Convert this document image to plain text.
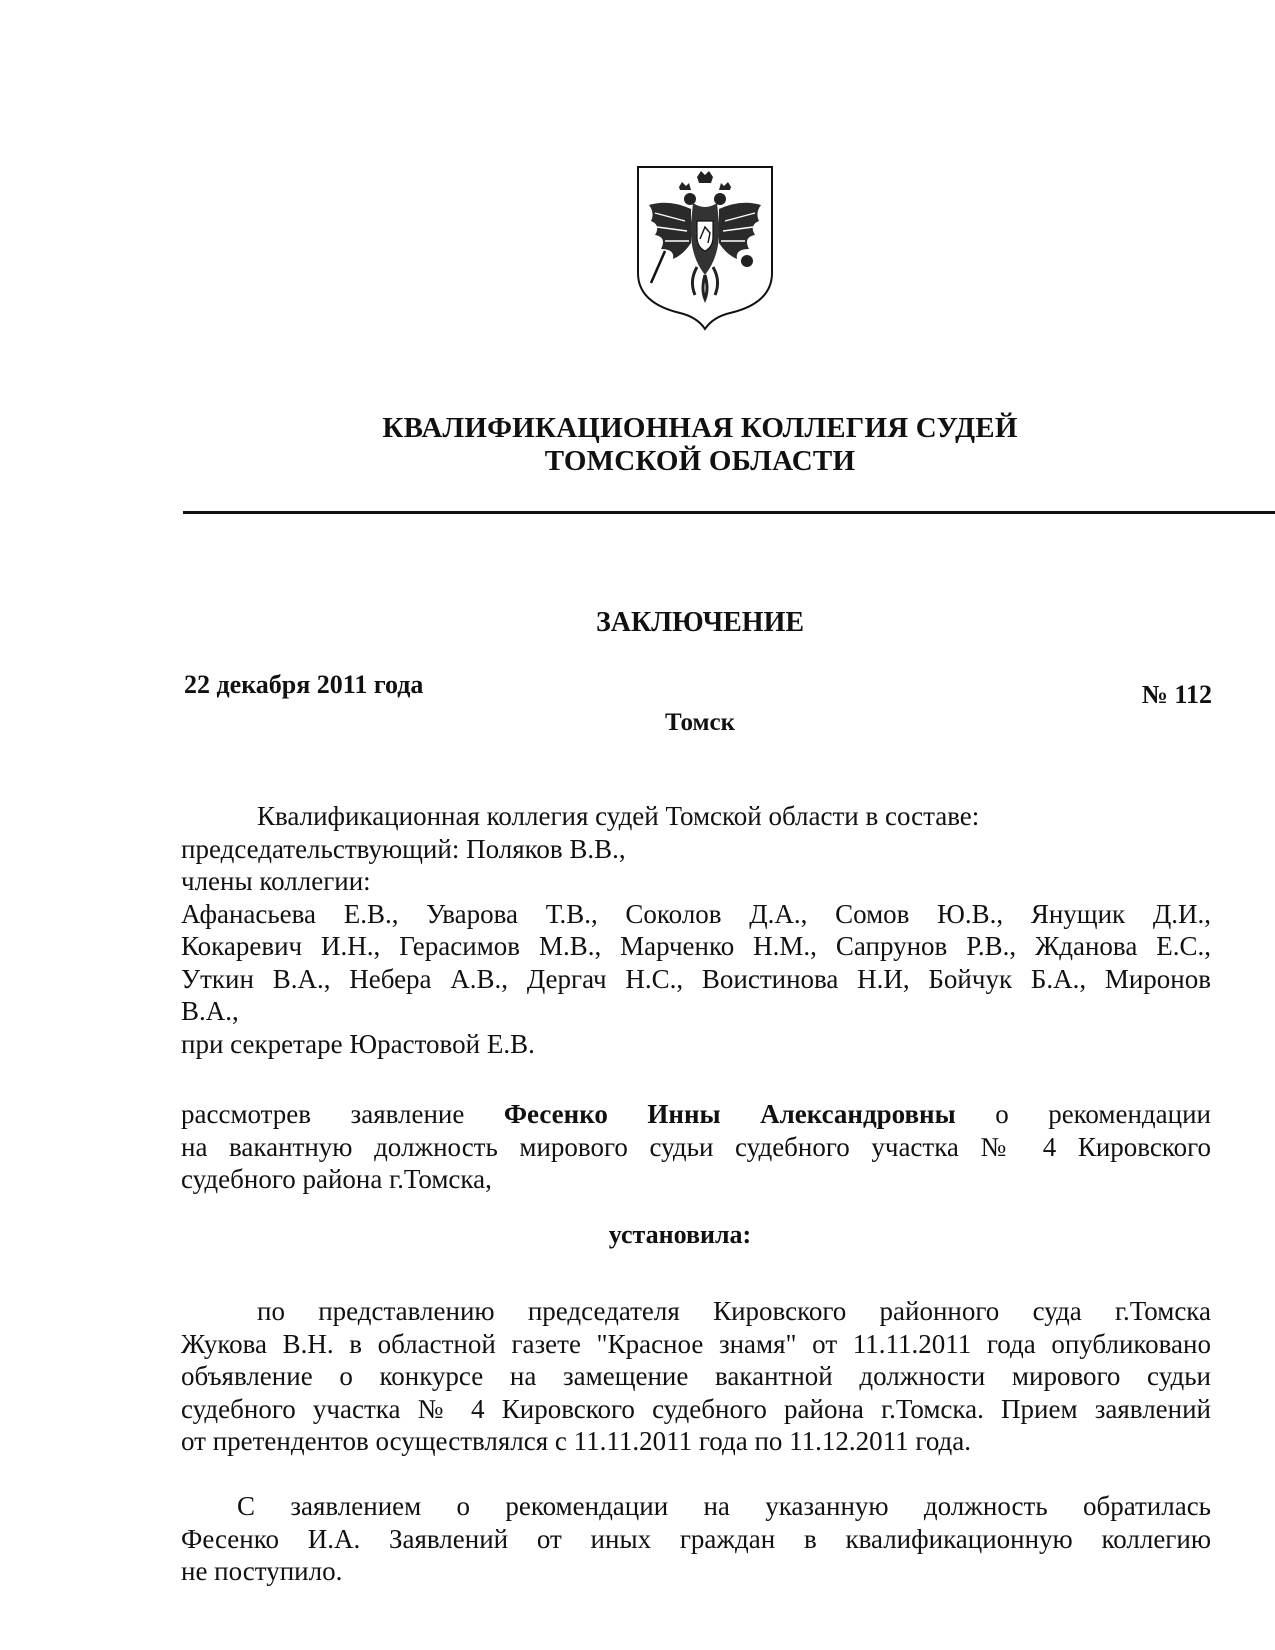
КВАЛИФИКАЦИОННАЯ КОЛЛЕГИЯ СУДЕЙ
ТОМСКОЙ ОБЛАСТИ
ЗАКЛЮЧЕНИЕ
22 декабря 2011 года	№ 112
Томск
Квалификационная коллегия судей Томской области в составе:
председательствующий: Поляков В.В.,
члены коллегии:
Афанасьева Е.В., Уварова Т.В., Соколов Д.А., Сомов Ю.В., Янущик Д.И.,
Кокаревич И.Н., Герасимов М.В., Марченко Н.М., Сапрунов Р.В., Жданова Е.С.,
Уткин В.А., Небера А.В., Дергач Н.С., Воистинова Н.И, Бойчук Б.А., Миронов
В.А.,
при секретаре Юрастовой Е.В.
рассмотрев заявление Фесенко Инны Александровны о рекомендации
на вакантную должность мирового судьи судебного участка № 4 Кировского
судебного района г.Томска,
установила:
по представлению председателя Кировского районного суда г.Томска
Жукова В.Н. в областной газете "Красное знамя" от 11.11.2011 года опубликовано
объявление о конкурсе на замещение вакантной должности мирового судьи
судебного участка № 4 Кировского судебного района г.Томска. Прием заявлений
от претендентов осуществлялся с 11.11.2011 года по 11.12.2011 года.
С заявлением о рекомендации на указанную должность обратилась
Фесенко И.А. Заявлений от иных граждан в квалификационную коллегию
не поступило.
